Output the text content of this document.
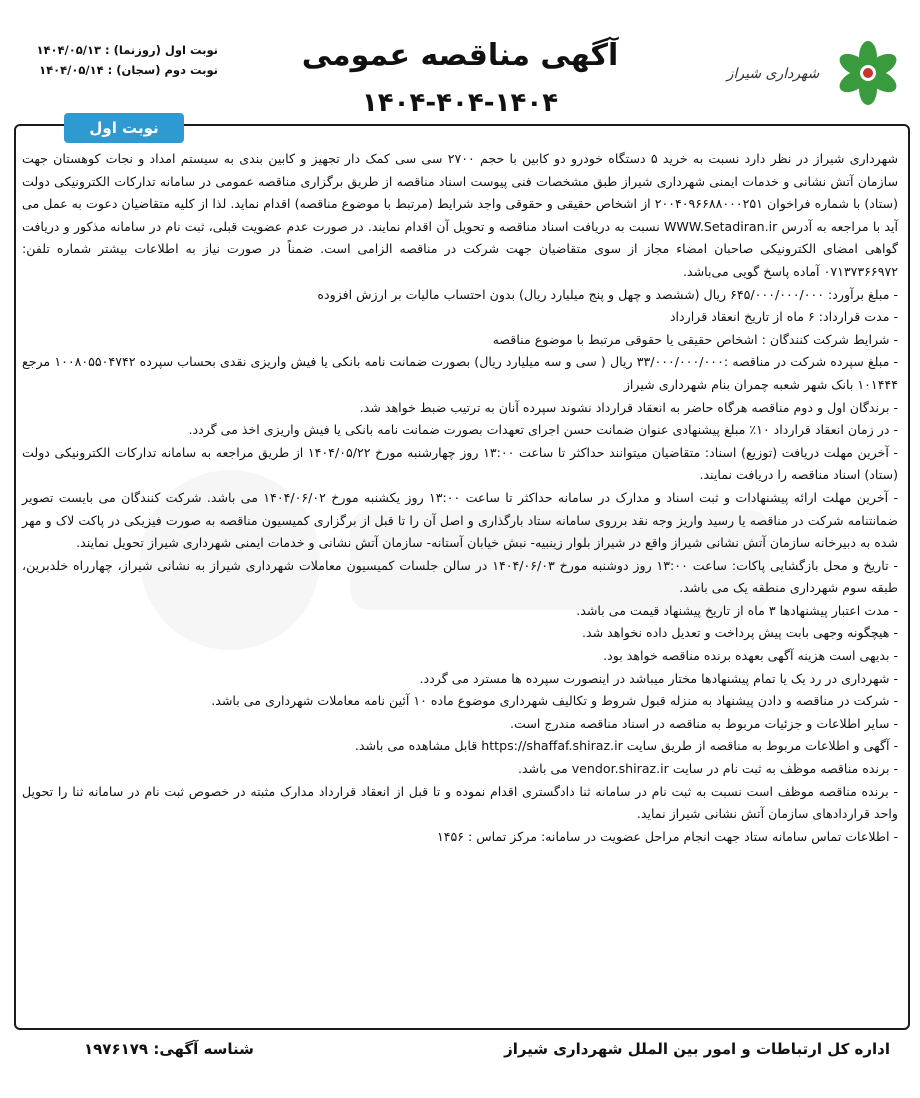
شهرداری شیراز
آگهی مناقصه عمومی
۱۴۰۴-۴۰۴-۱۴۰۴
نوبت اول (روزنما) : ۱۴۰۴/۰۵/۱۳
نوبت دوم (سجان) : ۱۴۰۴/۰۵/۱۴
نوبت اول

شهرداری شیراز در نظر دارد نسبت به خرید ۵ دستگاه خودرو دو کابین با حجم ۲۷۰۰ سی سی کمک دار تجهیز و کابین بندی به سیستم امداد و نجات کوهستان جهت سازمان آتش نشانی و خدمات ایمنی شهرداری شیراز طبق مشخصات فنی پیوست اسناد مناقصه از طریق برگزاری مناقصه عمومی در سامانه تدارکات الکترونیکی دولت (ستاد) با شماره فراخوان ۲۰۰۴۰۹۶۶۸۸۰۰۰۲۵۱ از اشخاص حقیقی و حقوقی واجد شرایط (مرتبط با موضوع مناقصه) اقدام نماید. لذا از کلیه متقاضیان دعوت به عمل می آید با مراجعه به آدرس WWW.Setadiran.ir نسبت به دریافت اسناد مناقصه و تحویل آن اقدام نمایند. در صورت عدم عضویت قبلی، ثبت نام در سامانه مذکور و دریافت گواهی امضای الکترونیکی صاحبان امضاء مجاز از سوی متقاضیان جهت شرکت در مناقصه الزامی است. ضمناً در صورت نیاز به اطلاعات بیشتر شماره تلفن: ۰۷۱۳۷۳۶۶۹۷۲ آماده پاسخ گویی می‌باشد.

- مبلغ برآورد: ۶۴۵/۰۰۰/۰۰۰/۰۰۰ ریال (ششصد و چهل و پنج میلیارد ریال) بدون احتساب مالیات بر ارزش افزوده

- مدت قرارداد: ۶ ماه از تاریخ انعقاد قرارداد

- شرایط شرکت کنندگان : اشخاص حقیقی یا حقوقی مرتبط با موضوع مناقصه

- مبلغ سپرده شرکت در مناقصه :۳۳/۰۰۰/۰۰۰/۰۰۰ ریال ( سی و سه میلیارد ریال) بصورت ضمانت نامه بانکی یا فیش واریزی نقدی بحساب سپرده ۱۰۰۸۰۵۵۰۴۷۴۲ مرجع ۱۰۱۴۴۴ بانک شهر شعبه چمران بنام شهرداری شیراز

- برندگان اول و دوم مناقصه هرگاه حاضر به انعقاد قرارداد نشوند سپرده آنان به ترتیب ضبط خواهد شد.

- در زمان انعقاد قرارداد ۱۰٪ مبلغ پیشنهادی عنوان ضمانت حسن اجرای تعهدات بصورت ضمانت نامه بانکی یا فیش واریزی اخذ می گردد.

- آخرین مهلت دریافت (توزیع) اسناد: متقاضیان میتوانند حداکثر تا ساعت ۱۳:۰۰ روز چهارشنبه مورخ ۱۴۰۴/۰۵/۲۲ از طریق مراجعه به سامانه تدارکات الکترونیکی دولت (ستاد) اسناد مناقصه را دریافت نمایند.

- آخرین مهلت ارائه پیشنهادات و ثبت اسناد و مدارک در سامانه حداکثر تا ساعت ۱۳:۰۰ روز یکشنبه مورخ ۱۴۰۴/۰۶/۰۲ می باشد. شرکت کنندگان می بایست تصویر ضمانتنامه شرکت در مناقصه یا رسید واریز وجه نقد برروی سامانه ستاد بارگذاری و اصل آن را تا قبل از برگزاری کمیسیون مناقصه به صورت فیزیکی در پاکت لاک و مهر شده به دبیرخانه سازمان آتش نشانی شیراز واقع در شیراز بلوار زینبیه- نبش خیابان آستانه- سازمان آتش نشانی و خدمات ایمنی شهرداری شیراز تحویل نمایند.

- تاریخ و محل بازگشایی پاکات: ساعت ۱۳:۰۰ روز دوشنبه مورخ ۱۴۰۴/۰۶/۰۳ در سالن جلسات کمیسیون معاملات شهرداری شیراز به نشانی شیراز، چهارراه خلدبرین، طبقه سوم شهرداری منطقه یک می باشد.

- مدت اعتبار پیشنهادها ۳ ماه از تاریخ پیشنهاد قیمت می باشد.

- هیچگونه وجهی بابت پیش پرداخت و تعدیل داده نخواهد شد.

- بدیهی است هزینه آگهی بعهده برنده مناقصه خواهد بود.

- شهرداری در رد یک یا تمام پیشنهادها مختار میباشد در اینصورت سپرده ها مسترد می گردد.

- شرکت در مناقصه و دادن پیشنهاد به منزله قبول شروط و تکالیف شهرداری موضوع ماده ۱۰ آئین نامه معاملات شهرداری می باشد.

- سایر اطلاعات و جزئیات مربوط به مناقصه در اسناد مناقصه مندرج است.

- آگهی و اطلاعات مربوط به مناقصه از طریق سایت https://shaffaf.shiraz.ir قابل مشاهده می باشد.

- برنده مناقصه موظف به ثبت نام در سایت vendor.shiraz.ir می باشد.

- برنده مناقصه موظف است نسبت به ثبت نام در سامانه ثنا دادگستری اقدام نموده و تا قبل از انعقاد قرارداد مدارک مثبته در خصوص ثبت نام در سامانه ثنا را تحویل واحد قراردادهای سازمان آتش نشانی شیراز نماید.

- اطلاعات تماس سامانه ستاد جهت انجام مراحل عضویت در سامانه: مرکز تماس : ۱۴۵۶

شناسه آگهی: ۱۹۷۶۱۷۹	اداره کل ارتباطات و امور بین الملل شهرداری شیراز
